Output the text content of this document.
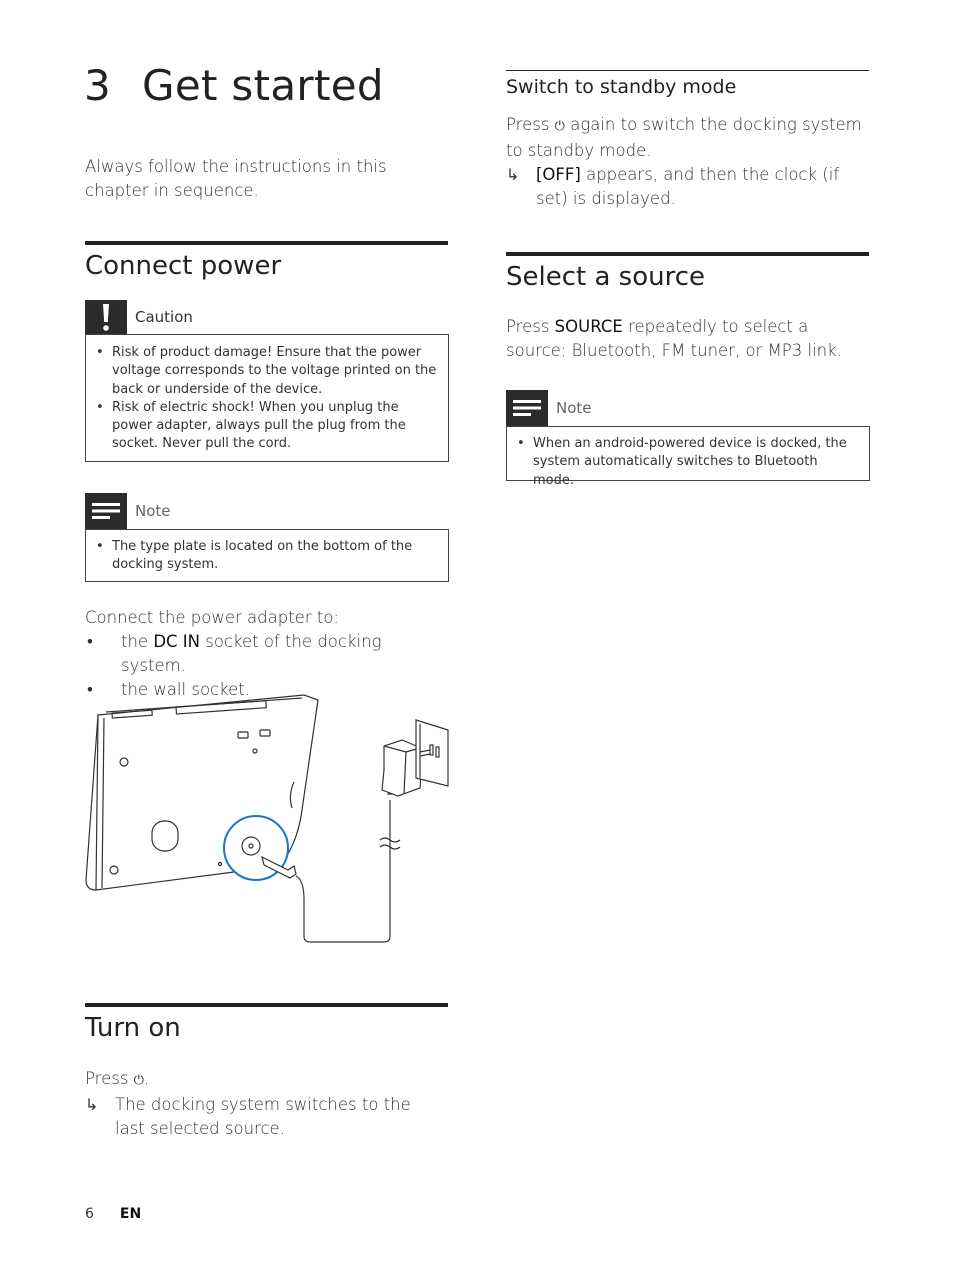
3 Get started
Always follow the instructions in this chapter in sequence.
Connect power
Caution
• Risk of product damage! Ensure that the power voltage corresponds to the voltage printed on the back or underside of the device.
• Risk of electric shock! When you unplug the power adapter, always pull the plug from the socket. Never pull the cord.
Note
• The type plate is located on the bottom of the docking system.
Connect the power adapter to:
• the DC IN socket of the docking system.
• the wall socket.
Turn on
Press ⏻.
↳ The docking system switches to the last selected source.
Switch to standby mode
Press ⏻ again to switch the docking system to standby mode.
↳ [OFF] appears, and then the clock (if set) is displayed.
Select a source
Press SOURCE repeatedly to select a source: Bluetooth, FM tuner, or MP3 link.
Note
• When an android-powered device is docked, the system automatically switches to Bluetooth mode.
6 EN
